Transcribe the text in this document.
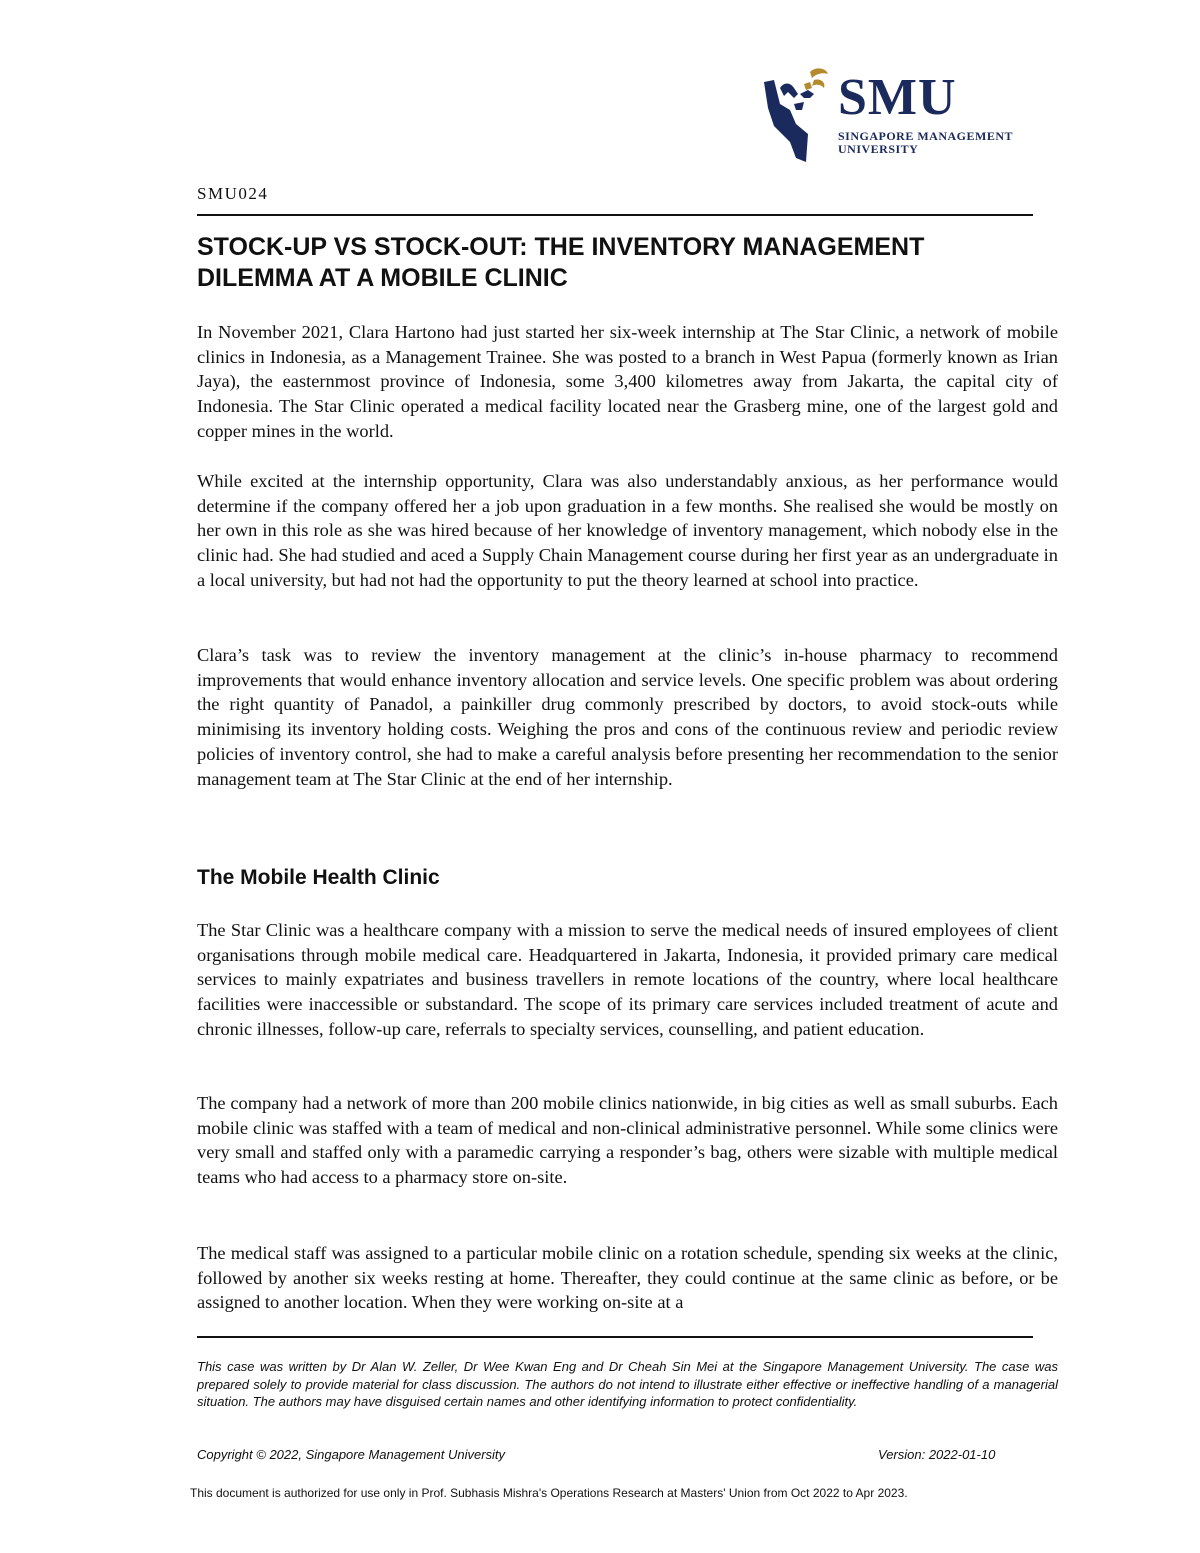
SMU
SINGAPORE MANAGEMENT
UNIVERSITY
SMU024
STOCK-UP VS STOCK-OUT: THE INVENTORY MANAGEMENT DILEMMA AT A MOBILE CLINIC

In November 2021, Clara Hartono had just started her six-week internship at The Star Clinic, a network of mobile clinics in Indonesia, as a Management Trainee. She was posted to a branch in West Papua (formerly known as Irian Jaya), the easternmost province of Indonesia, some 3,400 kilometres away from Jakarta, the capital city of Indonesia. The Star Clinic operated a medical facility located near the Grasberg mine, one of the largest gold and copper mines in the world.

While excited at the internship opportunity, Clara was also understandably anxious, as her performance would determine if the company offered her a job upon graduation in a few months. She realised she would be mostly on her own in this role as she was hired because of her knowledge of inventory management, which nobody else in the clinic had. She had studied and aced a Supply Chain Management course during her first year as an undergraduate in a local university, but had not had the opportunity to put the theory learned at school into practice.

Clara’s task was to review the inventory management at the clinic’s in-house pharmacy to recommend improvements that would enhance inventory allocation and service levels. One specific problem was about ordering the right quantity of Panadol, a painkiller drug commonly prescribed by doctors, to avoid stock-outs while minimising its inventory holding costs. Weighing the pros and cons of the continuous review and periodic review policies of inventory control, she had to make a careful analysis before presenting her recommendation to the senior management team at The Star Clinic at the end of her internship.

The Mobile Health Clinic

The Star Clinic was a healthcare company with a mission to serve the medical needs of insured employees of client organisations through mobile medical care. Headquartered in Jakarta, Indonesia, it provided primary care medical services to mainly expatriates and business travellers in remote locations of the country, where local healthcare facilities were inaccessible or substandard. The scope of its primary care services included treatment of acute and chronic illnesses, follow-up care, referrals to specialty services, counselling, and patient education.

The company had a network of more than 200 mobile clinics nationwide, in big cities as well as small suburbs. Each mobile clinic was staffed with a team of medical and non-clinical administrative personnel. While some clinics were very small and staffed only with a paramedic carrying a responder’s bag, others were sizable with multiple medical teams who had access to a pharmacy store on-site.

The medical staff was assigned to a particular mobile clinic on a rotation schedule, spending six weeks at the clinic, followed by another six weeks resting at home. Thereafter, they could continue at the same clinic as before, or be assigned to another location. When they were working on-site at a

This case was written by Dr Alan W. Zeller, Dr Wee Kwan Eng and Dr Cheah Sin Mei at the Singapore Management University. The case was prepared solely to provide material for class discussion. The authors do not intend to illustrate either effective or ineffective handling of a managerial situation. The authors may have disguised certain names and other identifying information to protect confidentiality.

Copyright © 2022, Singapore Management University	Version: 2022-01-10
This document is authorized for use only in Prof. Subhasis Mishra's Operations Research at Masters' Union from Oct 2022 to Apr 2023.
